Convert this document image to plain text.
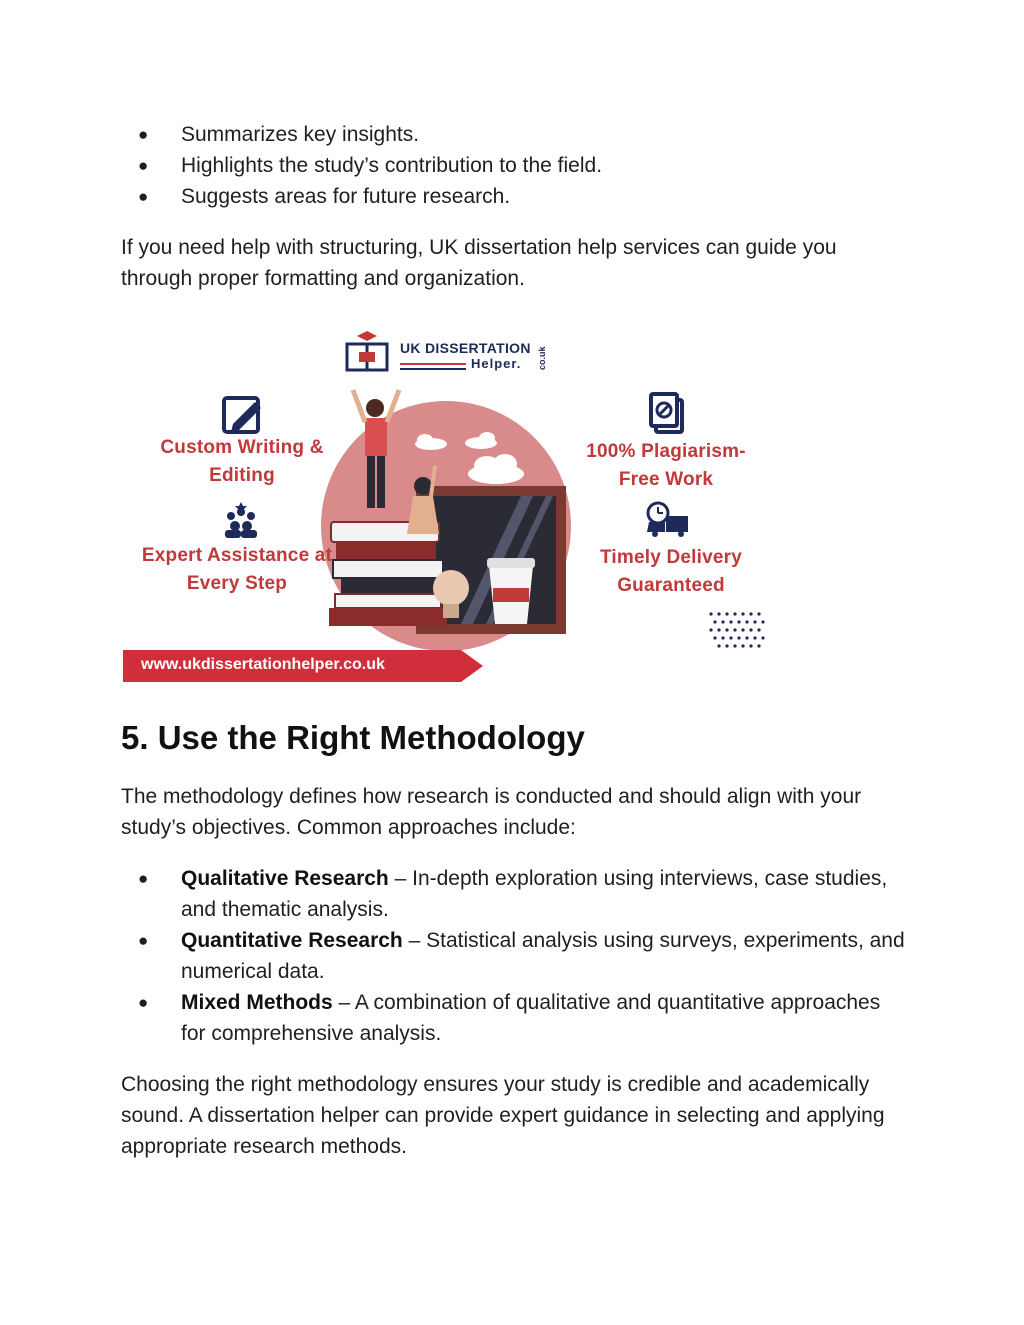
● Summarizes key insights.
● Highlights the study’s contribution to the field.
● Suggests areas for future research.

If you need help with structuring, UK dissertation help services can guide you through proper formatting and organization.

UK DISSERTATION
Helper. co.uk
Custom Writing & Editing
Expert Assistance at Every Step
100% Plagiarism-Free Work
Timely Delivery Guaranteed
www.ukdissertationhelper.co.uk
5. Use the Right Methodology

The methodology defines how research is conducted and should align with your study’s objectives. Common approaches include:

● Qualitative Research – In-depth exploration using interviews, case studies, and thematic analysis.
● Quantitative Research – Statistical analysis using surveys, experiments, and numerical data.
● Mixed Methods – A combination of qualitative and quantitative approaches for comprehensive analysis.

Choosing the right methodology ensures your study is credible and academically sound. A dissertation helper can provide expert guidance in selecting and applying appropriate research methods.
